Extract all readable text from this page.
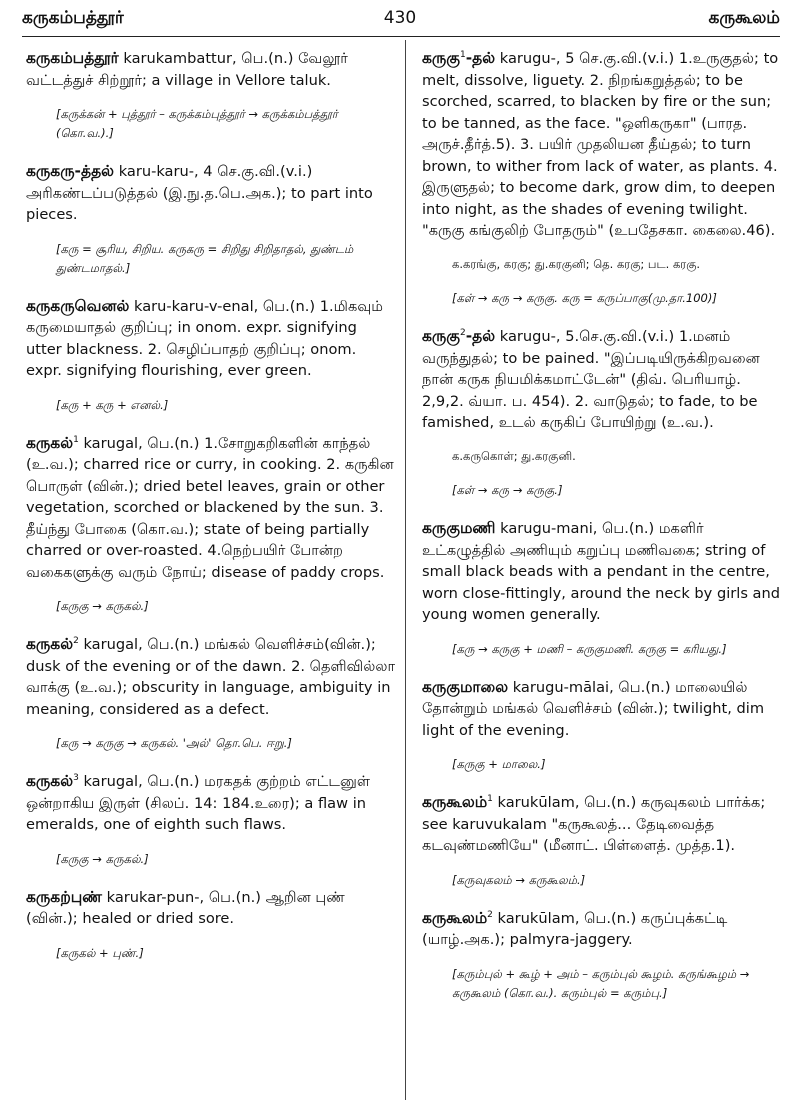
கருகம்பத்தூர்	430	கருகூலம்
கருகம்பத்தூர் karukambattur, பெ.(n.) வேலூர் வட்டத்துச் சிற்றூர்; a village in Vellore taluk.
[கருக்கன் + புத்தூர் – கருக்கம்புத்தூர் → கருக்கம்பத்தூர் (கொ.வ.).]
கருகரு-த்தல் karu-karu-, 4 செ.கு.வி.(v.i.) அரிகண்டப்படுத்தல் (இ.நு.த.பெ.அக.); to part into pieces.
[கரு = சூரிய, சிறிய. கருகரு = சிறிது சிறிதாதல், துண்டம் துண்டமாதல்.]
கருகருவெனல் karu-karu-v-enal, பெ.(n.) 1.மிகவும் கருமையாதல் குறிப்பு; in onom. expr. signifying utter blackness. 2. செழிப்பாதற் குறிப்பு; onom. expr. signifying flourishing, ever green.
[கரு + கரு + எனல்.]
கருகல்$^1$ karugal, பெ.(n.) 1.சோறுகறிகளின் காந்தல் (உ.வ.); charred rice or curry, in cooking. 2. கருகின பொருள் (வின்.); dried betel leaves, grain or other vegetation, scorched or blackened by the sun. 3. தீய்ந்து போகை (கொ.வ.); state of being partially charred or over-roasted. 4.நெற்பயிர் போன்ற வகைகளுக்கு வரும் நோய்; disease of paddy crops.
[கருகு → கருகல்.]
கருகல்$^2$ karugal, பெ.(n.) மங்கல் வெளிச்சம்(வின்.); dusk of the evening or of the dawn. 2. தெளிவில்லா வாக்கு (உ.வ.); obscurity in language, ambiguity in meaning, considered as a defect.
[கரு → கருகு → கருகல். 'அல்' தொ.பெ. ஈறு.]
கருகல்$^3$ karugal, பெ.(n.) மரகதக் குற்றம் எட்டனுள் ஒன்றாகிய இருள் (சிலப். 14: 184.உரை); a flaw in emeralds, one of eighth such flaws.
[கருகு → கருகல்.]
கருகற்புண் karukar-pun-, பெ.(n.) ஆறின புண் (வின்.); healed or dried sore.
[கருகல் + புண்.]
கருகு$^1$-தல் karugu-, 5 செ.கு.வி.(v.i.) 1.உருகுதல்; to melt, dissolve, liguety. 2. நிறங்கறுத்தல்; to be scorched, scarred, to blacken by fire or the sun; to be tanned, as the face. "ஒளிகருகா" (பாரத. அருச்.தீர்த்.5). 3. பயிர் முதலியன தீய்தல்; to turn brown, to wither from lack of water, as plants. 4. இருளுதல்; to become dark, grow dim, to deepen into night, as the shades of evening twilight. "கருகு கங்குலிற் போதரும்" (உபதேசகா. கைலை.46).
க.கரங்கு, கரகு; து.கரகுனி; தெ. கரகு; பட. கரகு.
[கள் → கரு → கருகு. கரு = கருப்பாகு(மு.தா.100)]
கருகு$^2$-தல் karugu-, 5.செ.கு.வி.(v.i.) 1.மனம் வருந்துதல்; to be pained. "இப்படியிருக்கிறவனை நான் கருக நியமிக்கமாட்டேன்" (திவ். பெரியாழ். 2,9,2. வ்யா. ப. 454). 2. வாடுதல்; to fade, to be famished, உடல் கருகிப் போயிற்று (உ.வ.).
க.கருகொள்; து.கரகுனி.
[கள் → கரு → கருகு.]
கருகுமணி karugu-mani, பெ.(n.) மகளிர் உட்கழுத்தில் அணியும் கறுப்பு மணிவகை; string of small black beads with a pendant in the centre, worn close-fittingly, around the neck by girls and young women generally.
[கரு → கருகு + மணி – கருகுமணி. கருகு = கரியது.]
கருகுமாலை karugu-mālai, பெ.(n.) மாலையில் தோன்றும் மங்கல் வெளிச்சம் (வின்.); twilight, dim light of the evening.
[கருகு + மாலை.]
கருகூலம்$^1$ karukūlam, பெ.(n.) கருவுகலம் பார்க்க; see karuvukalam "கருகூலத்... தேடிவைத்த கடவுண்மணியே" (மீனாட். பிள்ளைத். முத்த.1).
[கருவுகலம் → கருகூலம்.]
கருகூலம்$^2$ karukūlam, பெ.(n.) கருப்புக்கட்டி (யாழ்.அக.); palmyra-jaggery.
[கரும்புல் + கூழ் + அம் – கரும்புல் கூழம். கருங்கூழம் → கருகூலம் (கொ.வ.). கரும்புல் = கரும்பு.]
